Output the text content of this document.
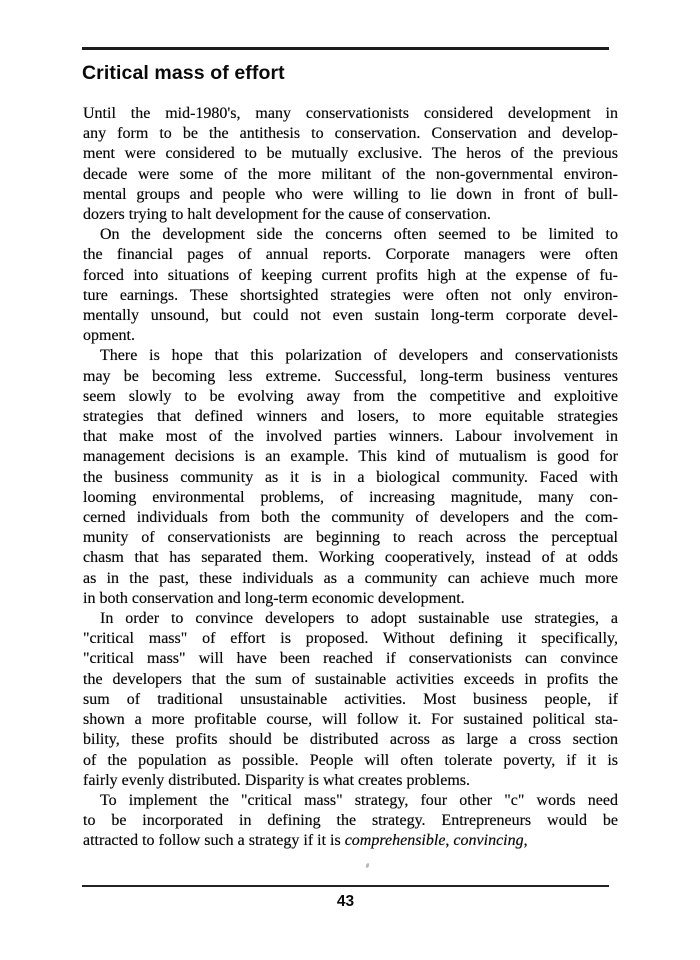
Critical mass of effort

Until the mid-1980's, many conservationists considered development in
any form to be the antithesis to conservation. Conservation and develop-
ment were considered to be mutually exclusive. The heros of the previous
decade were some of the more militant of the non-governmental environ-
mental groups and people who were willing to lie down in front of bull-
dozers trying to halt development for the cause of conservation.

On the development side the concerns often seemed to be limited to
the financial pages of annual reports. Corporate managers were often
forced into situations of keeping current profits high at the expense of fu-
ture earnings. These shortsighted strategies were often not only environ-
mentally unsound, but could not even sustain long-term corporate devel-
opment.

There is hope that this polarization of developers and conservationists
may be becoming less extreme. Successful, long-term business ventures
seem slowly to be evolving away from the competitive and exploitive
strategies that defined winners and losers, to more equitable strategies
that make most of the involved parties winners. Labour involvement in
management decisions is an example. This kind of mutualism is good for
the business community as it is in a biological community. Faced with
looming environmental problems, of increasing magnitude, many con-
cerned individuals from both the community of developers and the com-
munity of conservationists are beginning to reach across the perceptual
chasm that has separated them. Working cooperatively, instead of at odds
as in the past, these individuals as a community can achieve much more
in both conservation and long-term economic development.

In order to convince developers to adopt sustainable use strategies, a
"critical mass" of effort is proposed. Without defining it specifically,
"critical mass" will have been reached if conservationists can convince
the developers that the sum of sustainable activities exceeds in profits the
sum of traditional unsustainable activities. Most business people, if
shown a more profitable course, will follow it. For sustained political sta-
bility, these profits should be distributed across as large a cross section
of the population as possible. People will often tolerate poverty, if it is
fairly evenly distributed. Disparity is what creates problems.

To implement the "critical mass" strategy, four other "c" words need
to be incorporated in defining the strategy. Entrepreneurs would be
attracted to follow such a strategy if it is comprehensible, convincing,

43
